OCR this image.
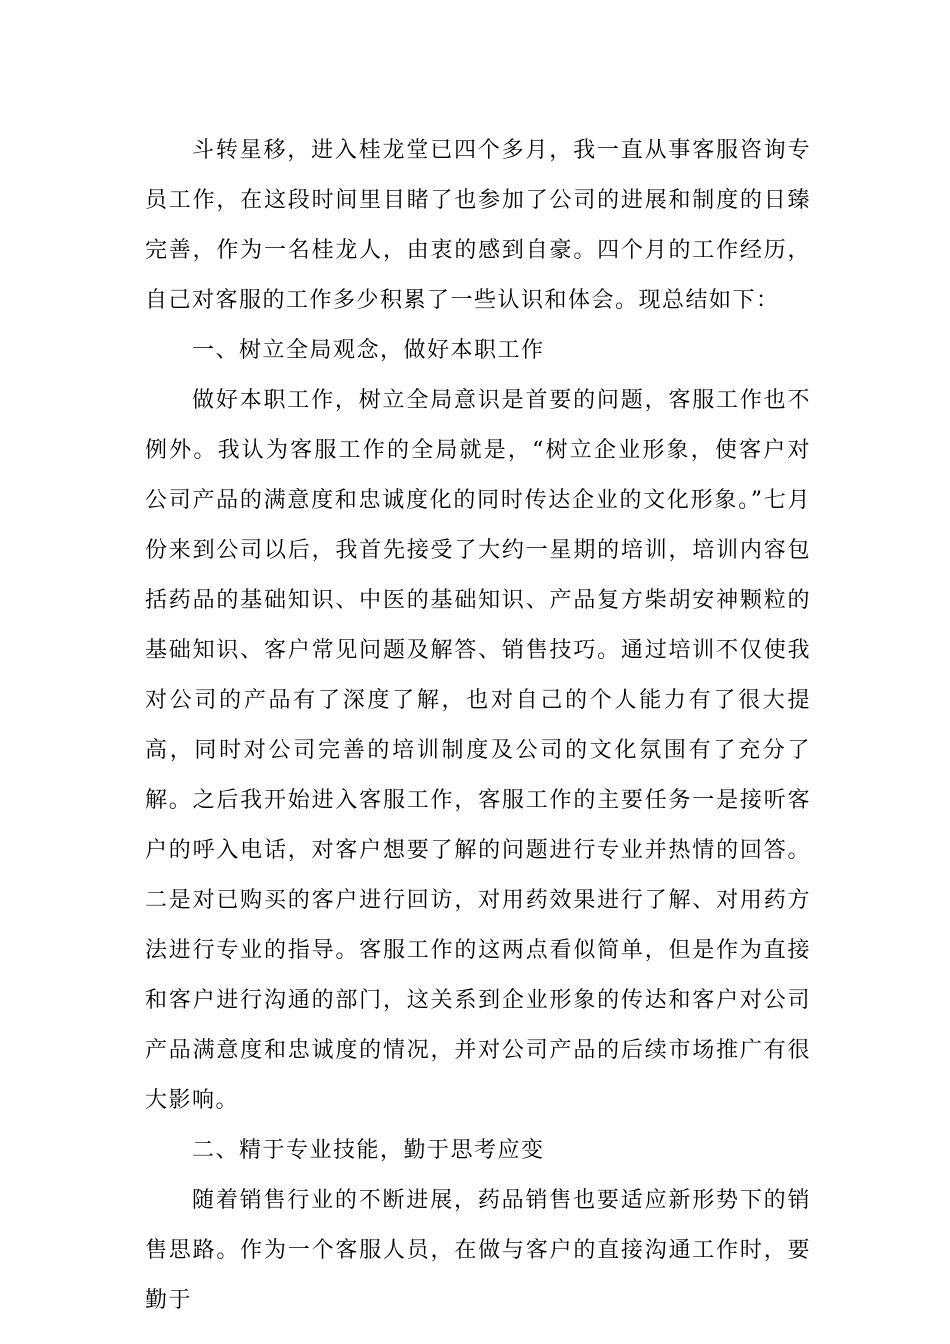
斗转星移，进入桂龙堂已四个多月，我一直从事客服咨询专员工作，在这段时间里目睹了也参加了公司的进展和制度的日臻完善，作为一名桂龙人，由衷的感到自豪。四个月的工作经历，自己对客服的工作多少积累了一些认识和体会。现总结如下：

一、树立全局观念，做好本职工作

做好本职工作，树立全局意识是首要的问题，客服工作也不例外。我认为客服工作的全局就是，“树立企业形象，使客户对公司产品的满意度和忠诚度化的同时传达企业的文化形象。”七月份来到公司以后，我首先接受了大约一星期的培训，培训内容包括药品的基础知识、中医的基础知识、产品复方柴胡安神颗粒的基础知识、客户常见问题及解答、销售技巧。通过培训不仅使我对公司的产品有了深度了解，也对自己的个人能力有了很大提高，同时对公司完善的培训制度及公司的文化氛围有了充分了解。之后我开始进入客服工作，客服工作的主要任务一是接听客户的呼入电话，对客户想要了解的问题进行专业并热情的回答。二是对已购买的客户进行回访，对用药效果进行了解、对用药方法进行专业的指导。客服工作的这两点看似简单，但是作为直接和客户进行沟通的部门，这关系到企业形象的传达和客户对公司产品满意度和忠诚度的情况，并对公司产品的后续市场推广有很大影响。

二、精于专业技能，勤于思考应变

随着销售行业的不断进展，药品销售也要适应新形势下的销售思路。作为一个客服人员，在做与客户的直接沟通工作时，要勤于
